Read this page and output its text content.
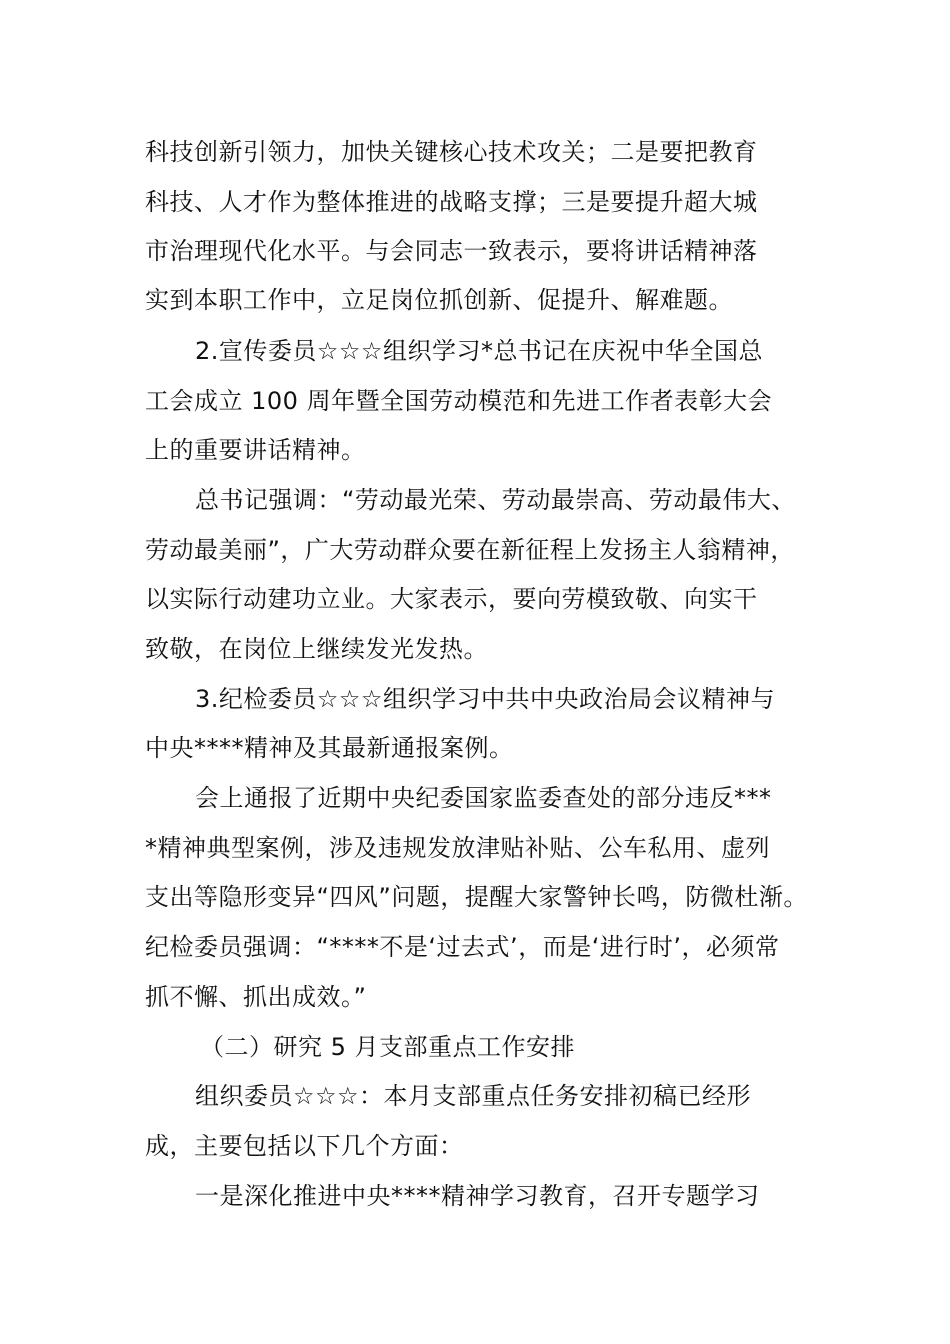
科技创新引领力，加快关键核心技术攻关；二是要把教育
科技、人才作为整体推进的战略支撑；三是要提升超大城
市治理现代化水平。与会同志一致表示，要将讲话精神落
实到本职工作中，立足岗位抓创新、促提升、解难题。
2.宣传委员☆☆☆组织学习*总书记在庆祝中华全国总
工会成立 100 周年暨全国劳动模范和先进工作者表彰大会
上的重要讲话精神。
总书记强调：“劳动最光荣、劳动最崇高、劳动最伟大、
劳动最美丽”，广大劳动群众要在新征程上发扬主人翁精神，
以实际行动建功立业。大家表示，要向劳模致敬、向实干
致敬，在岗位上继续发光发热。
3.纪检委员☆☆☆组织学习中共中央政治局会议精神与
中央****精神及其最新通报案例。
会上通报了近期中央纪委国家监委查处的部分违反***
*精神典型案例，涉及违规发放津贴补贴、公车私用、虚列
支出等隐形变异“四风”问题，提醒大家警钟长鸣，防微杜渐。
纪检委员强调：“****不是‘过去式’，而是‘进行时’，必须常
抓不懈、抓出成效。”
（二）研究 5 月支部重点工作安排
组织委员☆☆☆：本月支部重点任务安排初稿已经形
成，主要包括以下几个方面：
一是深化推进中央****精神学习教育，召开专题学习
